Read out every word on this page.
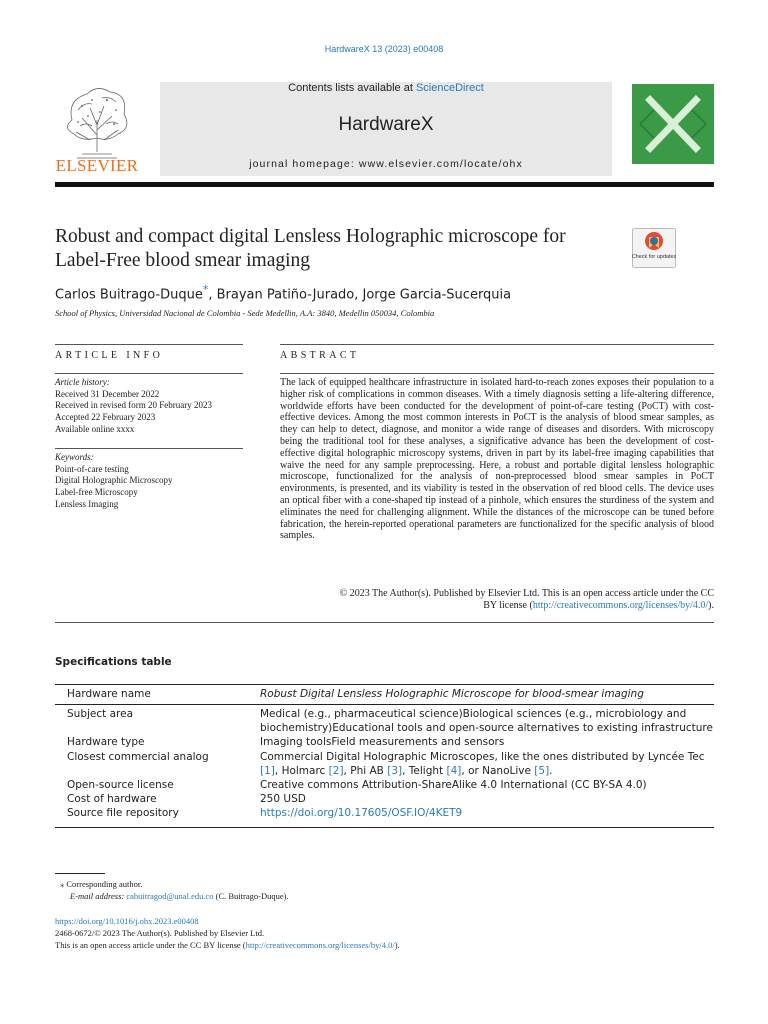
HardwareX 13 (2023) e00408
ELSEVIER
Contents lists available at ScienceDirect
HardwareX
journal homepage: www.elsevier.com/locate/ohx
Robust and compact digital Lensless Holographic microscope for Label-Free blood smear imaging	Check for updates
Carlos Buitrago-Duque*, Brayan Patiño-Jurado, Jorge Garcia-Sucerquia
School of Physics, Universidad Nacional de Colombia - Sede Medellin, A.A: 3840, Medellin 050034, Colombia
ARTICLE INFO	ABSTRACT
Article history:
Received 31 December 2022
Received in revised form 20 February 2023
Accepted 22 February 2023
Available online xxxx
Keywords:
Point-of-care testing
Digital Holographic Microscopy
Label-free Microscopy
Lensless Imaging
The lack of equipped healthcare infrastructure in isolated hard-to-reach zones exposes their population to a higher risk of complications in common diseases. With a timely diagnosis setting a life-altering difference, worldwide efforts have been conducted for the development of point-of-care testing (PoCT) with cost-effective devices. Among the most common interests in PoCT is the analysis of blood smear samples, as they can help to detect, diagnose, and monitor a wide range of diseases and disorders. With microscopy being the traditional tool for these analyses, a significative advance has been the development of cost-effective digital holographic microscopy systems, driven in part by its label-free imaging capabilities that waive the need for any sample preprocessing. Here, a robust and portable digital lensless holographic microscope, functionalized for the analysis of non-preprocessed blood smear samples in PoCT environments, is presented, and its viability is tested in the observation of red blood cells. The device uses an optical fiber with a cone-shaped tip instead of a pinhole, which ensures the sturdiness of the system and eliminates the need for challenging alignment. While the distances of the microscope can be tuned before fabrication, the herein-reported operational parameters are functionalized for the specific analysis of blood samples.
© 2023 The Author(s). Published by Elsevier Ltd. This is an open access article under the CC
BY license (http://creativecommons.org/licenses/by/4.0/).
Specifications table
Hardware name	Robust Digital Lensless Holographic Microscope for blood-smear imaging
Subject area	Medical (e.g., pharmaceutical science)Biological sciences (e.g., microbiology and biochemistry)Educational tools and open-source alternatives to existing infrastructure
Hardware type	Imaging toolsField measurements and sensors
Closest commercial analog	Commercial Digital Holographic Microscopes, like the ones distributed by Lyncée Tec [1], Holmarc [2], Phi AB [3], Telight [4], or NanoLive [5].
Open-source license	Creative commons Attribution-ShareAlike 4.0 International (CC BY-SA 4.0)
Cost of hardware	250 USD
Source file repository	https://doi.org/10.17605/OSF.IO/4KET9
⁎ Corresponding author.
E-mail address: cabuitragod@unal.edu.co (C. Buitrago-Duque).
https://doi.org/10.1016/j.ohx.2023.e00408
2468-0672/© 2023 The Author(s). Published by Elsevier Ltd.
This is an open access article under the CC BY license (http://creativecommons.org/licenses/by/4.0/).
